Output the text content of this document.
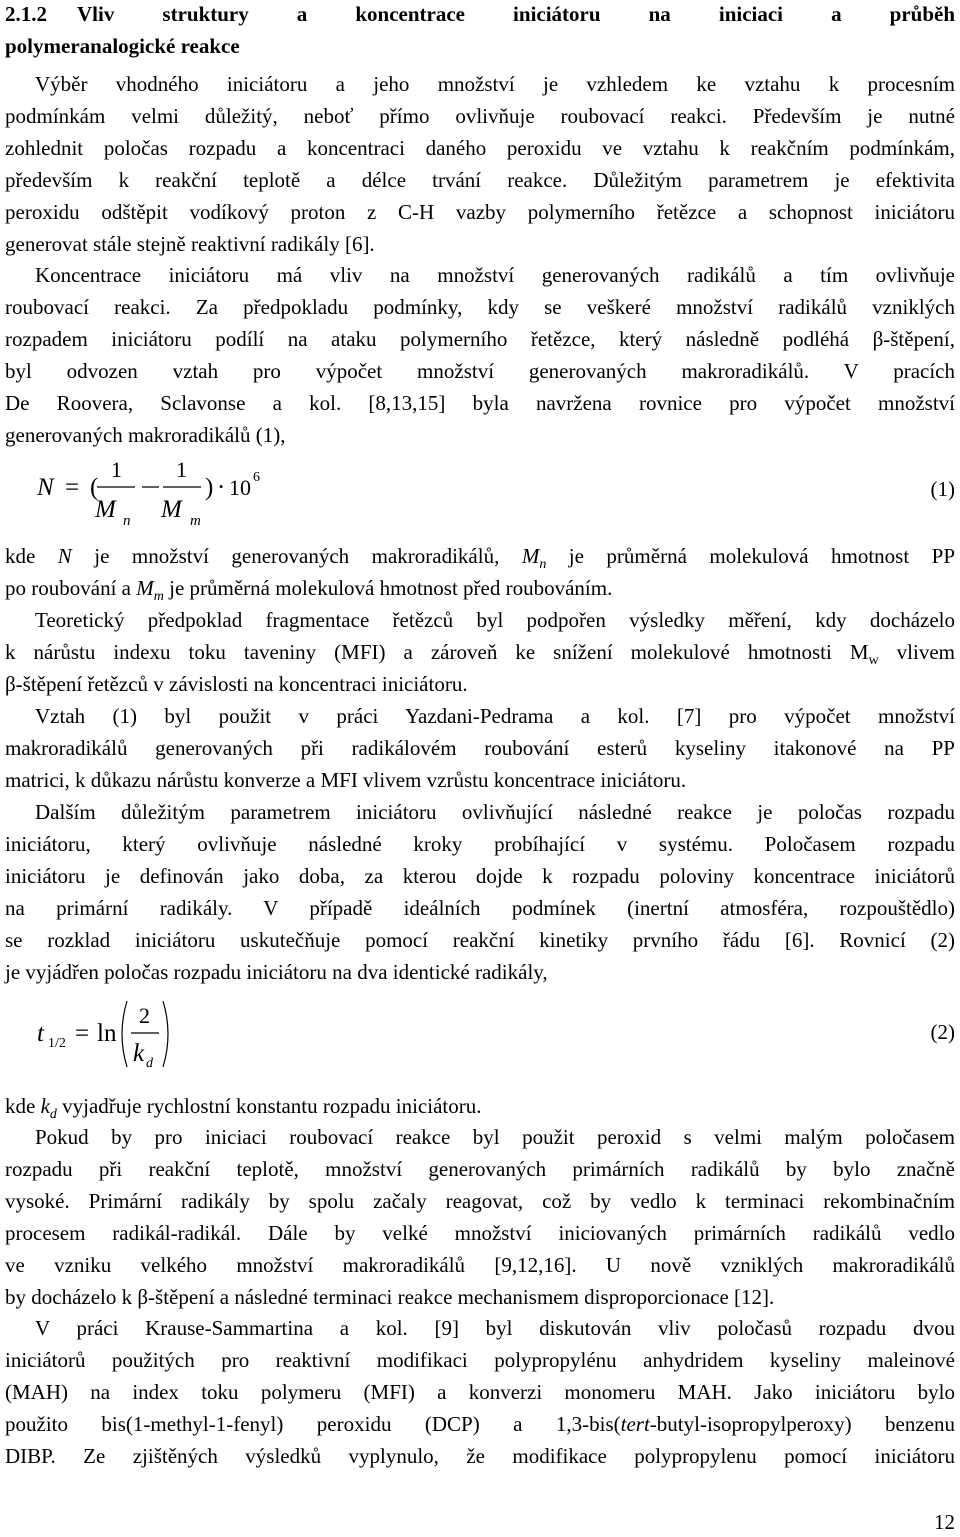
2.1.2 Vliv struktury a koncentrace iniciátoru na iniciaci a průběh
polymeranalogické reakce
Výběr vhodného iniciátoru a jeho množství je vzhledem ke vztahu k procesním
podmínkám velmi důležitý, neboť přímo ovlivňuje roubovací reakci. Především je nutné
zohlednit poločas rozpadu a koncentraci daného peroxidu ve vztahu k reakčním podmínkám,
především k reakční teplotě a délce trvání reakce. Důležitým parametrem je efektivita
peroxidu odštěpit vodíkový proton z C-H vazby polymerního řetězce a schopnost iniciátoru
generovat stále stejně reaktivní radikály [6].
Koncentrace iniciátoru má vliv na množství generovaných radikálů a tím ovlivňuje
roubovací reakci. Za předpokladu podmínky, kdy se veškeré množství radikálů vzniklých
rozpadem iniciátoru podílí na ataku polymerního řetězce, který následně podléhá β-štěpení,
byl odvozen vztah pro výpočet množství generovaných makroradikálů. V pracích
De Roovera, Sclavonse a kol. [8,13,15] byla navržena rovnice pro výpočet množství
generovaných makroradikálů (1),
N = (
1
M n
1
M m
) · 10 6	(1)
kde N je množství generovaných makroradikálů, $M_n$ je průměrná molekulová hmotnost PP
po roubování a $M_m$ je průměrná molekulová hmotnost před roubováním.
Teoretický předpoklad fragmentace řetězců byl podpořen výsledky měření, kdy docházelo
k nárůstu indexu toku taveniny (MFI) a zároveň ke snížení molekulové hmotnosti $M_w$ vlivem
β-štěpení řetězců v závislosti na koncentraci iniciátoru.
Vztah (1) byl použit v práci Yazdani-Pedrama a kol. [7] pro výpočet množství
makroradikálů generovaných při radikálovém roubování esterů kyseliny itakonové na PP
matrici, k důkazu nárůstu konverze a MFI vlivem vzrůstu koncentrace iniciátoru.
Dalším důležitým parametrem iniciátoru ovlivňující následné reakce je poločas rozpadu
iniciátoru, který ovlivňuje následné kroky probíhající v systému. Poločasem rozpadu
iniciátoru je definován jako doba, za kterou dojde k rozpadu poloviny koncentrace iniciátorů
na primární radikály. V případě ideálních podmínek (inertní atmosféra, rozpouštědlo)
se rozklad iniciátoru uskutečňuje pomocí reakční kinetiky prvního řádu [6]. Rovnicí (2)
je vyjádřen poločas rozpadu iniciátoru na dva identické radikály,
t 1/2 = ln
2
k d
(2)
kde $k_d$ vyjadřuje rychlostní konstantu rozpadu iniciátoru.
Pokud by pro iniciaci roubovací reakce byl použit peroxid s velmi malým poločasem
rozpadu při reakční teplotě, množství generovaných primárních radikálů by bylo značně
vysoké. Primární radikály by spolu začaly reagovat, což by vedlo k terminaci rekombinačním
procesem radikál-radikál. Dále by velké množství iniciovaných primárních radikálů vedlo
ve vzniku velkého množství makroradikálů [9,12,16]. U nově vzniklých makroradikálů
by docházelo k β-štěpení a následné terminaci reakce mechanismem disproporcionace [12].
V práci Krause-Sammartina a kol. [9] byl diskutován vliv poločasů rozpadu dvou
iniciátorů použitých pro reaktivní modifikaci polypropylénu anhydridem kyseliny maleinové
(MAH) na index toku polymeru (MFI) a konverzi monomeru MAH. Jako iniciátoru bylo
použito bis(1-methyl-1-fenyl) peroxidu (DCP) a 1,3-bis(tert-butyl-isopropylperoxy) benzenu
DIBP. Ze zjištěných výsledků vyplynulo, že modifikace polypropylenu pomocí iniciátoru
12
